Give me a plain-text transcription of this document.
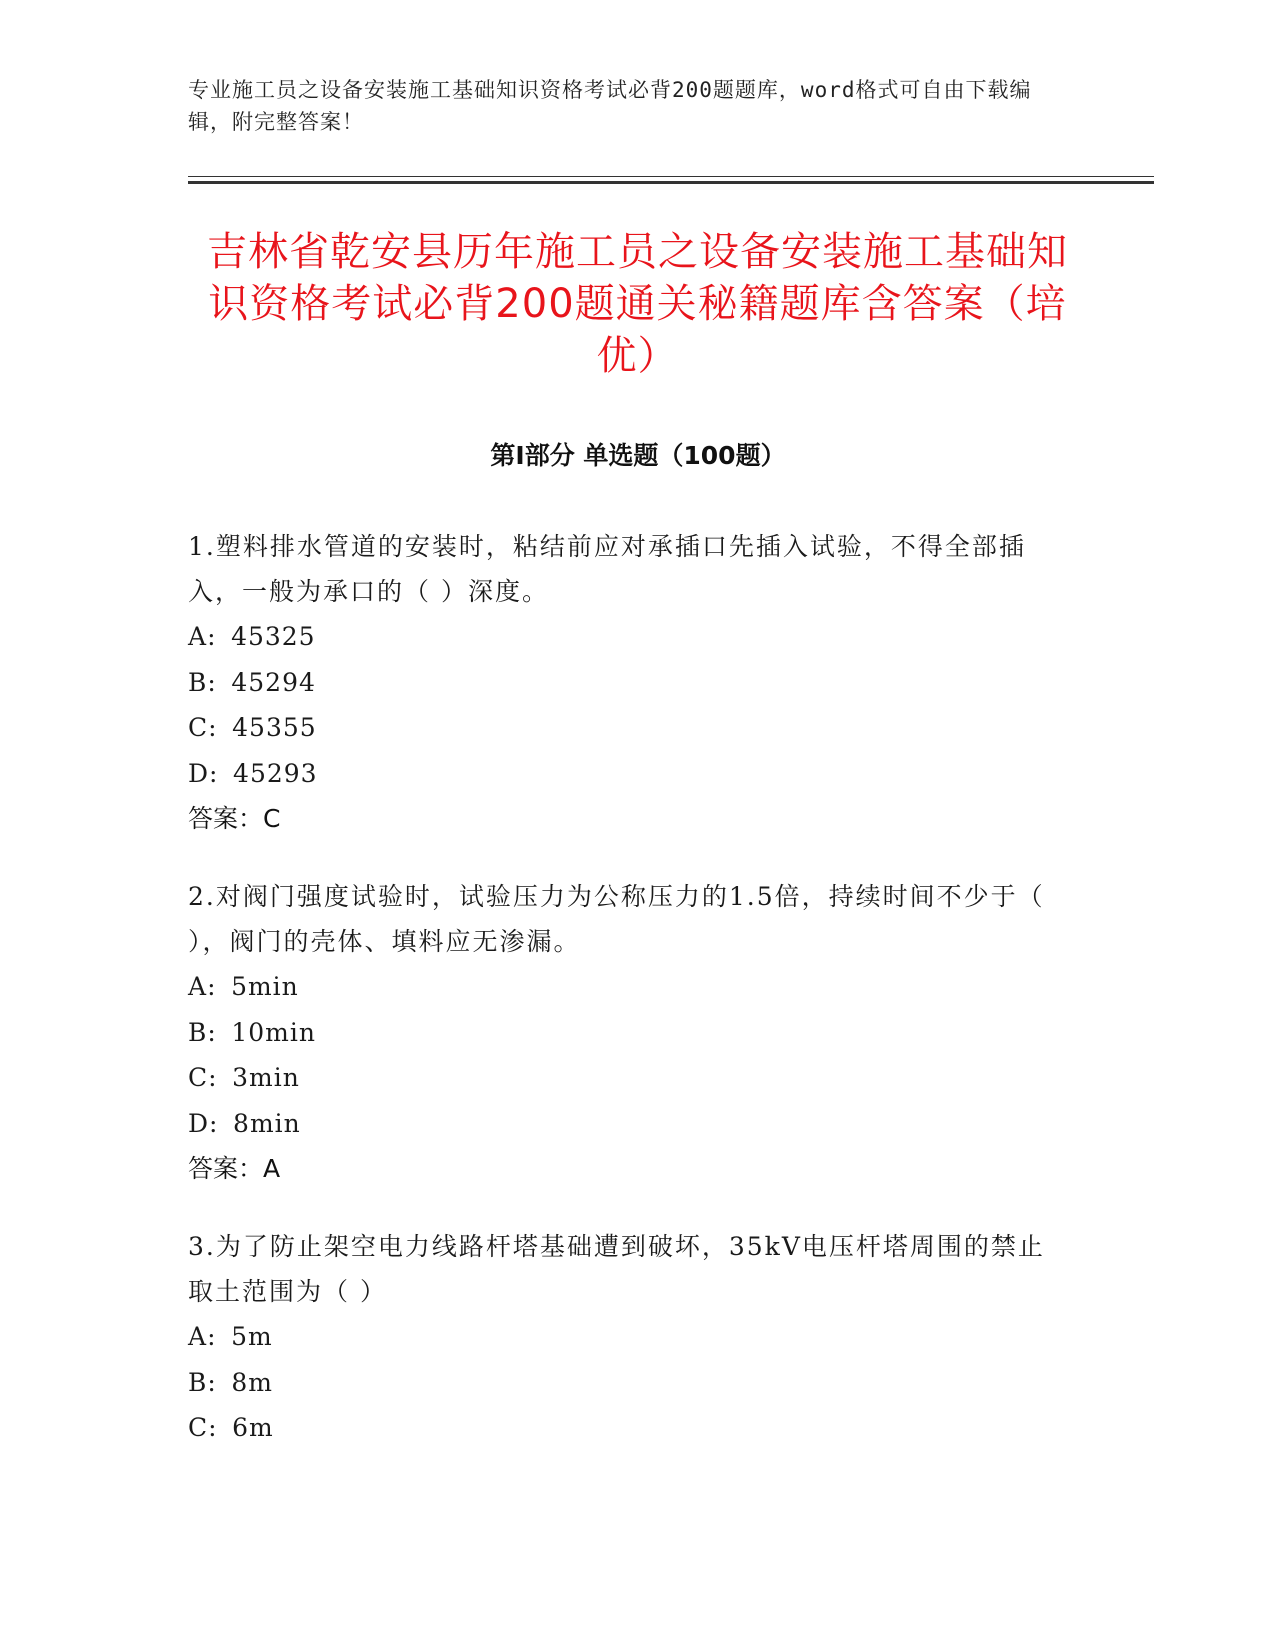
专业施工员之设备安装施工基础知识资格考试必背200题题库，word格式可自由下载编辑，附完整答案！
吉林省乾安县历年施工员之设备安装施工基础知识资格考试必背200题通关秘籍题库含答案（培优）
第Ⅰ部分 单选题（100题）

1.塑料排水管道的安装时，粘结前应对承插口先插入试验，不得全部插入，一般为承口的（ ）深度。

A: 45325

B: 45294

C: 45355

D: 45293

答案：C

2.对阀门强度试验时，试验压力为公称压力的1.5倍，持续时间不少于（ ），阀门的壳体、填料应无渗漏。

A: 5min

B: 10min

C: 3min

D: 8min

答案：A

3.为了防止架空电力线路杆塔基础遭到破坏，35kV电压杆塔周围的禁止取土范围为（ ）

A: 5m

B: 8m

C: 6m
